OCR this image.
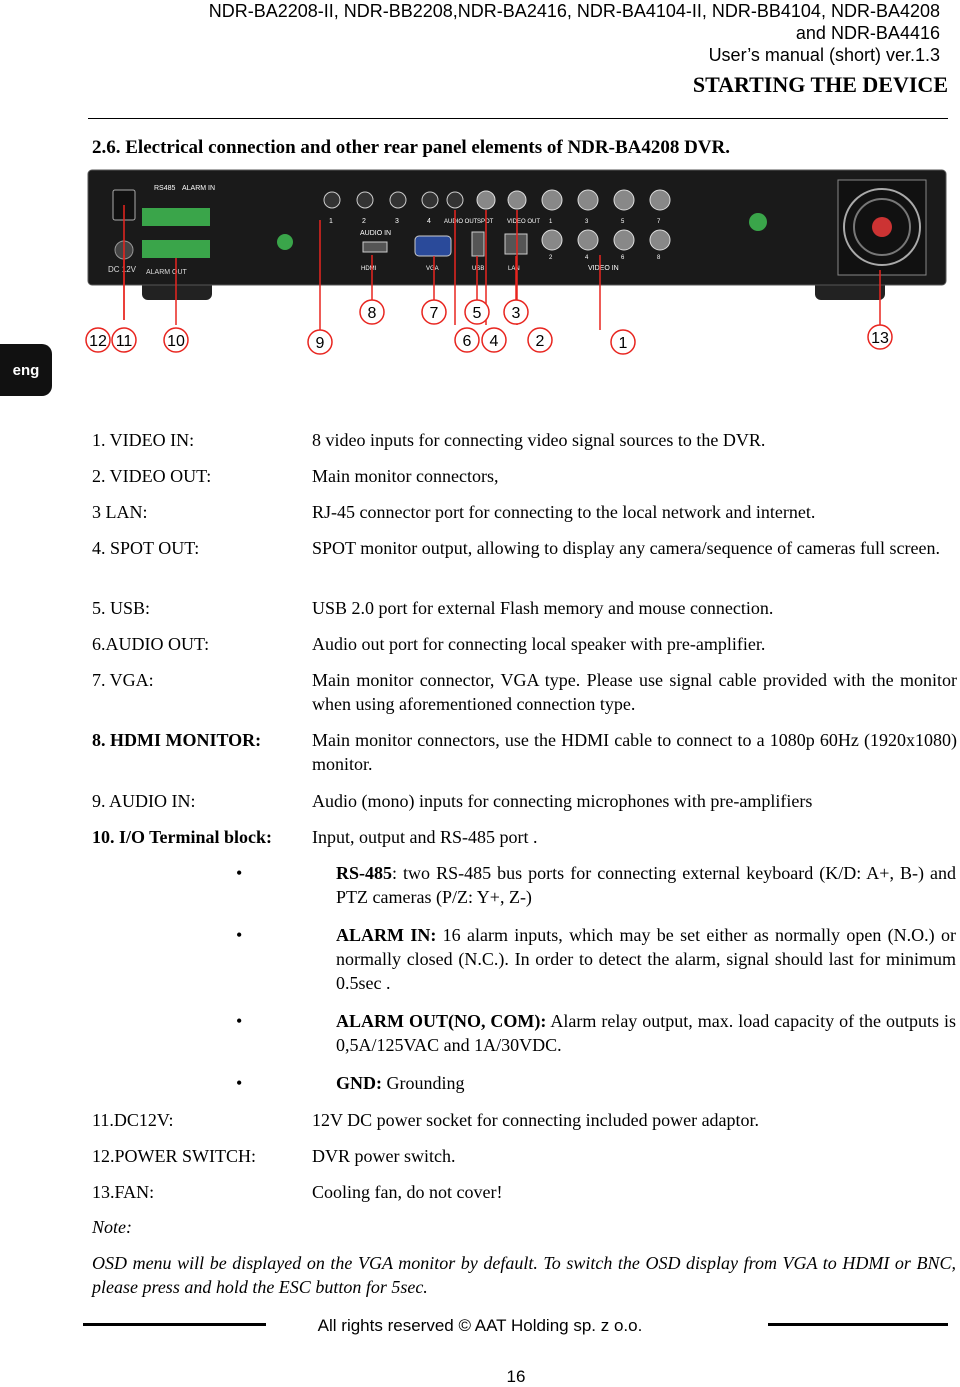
NDR-BA2208-II, NDR-BB2208,NDR-BA2416, NDR-BA4104-II, NDR-BB4104, NDR-BA4208
and NDR-BA4416
User’s manual (short) ver.1.3
STARTING THE DEVICE
2.6. Electrical connection and other rear panel elements of NDR-BA4208 DVR.
eng
DC 12V
RS485 ALARM IN
ALARM OUT
1	2	3	4
AUDIO IN
AUDIO OUT SPOT VIDEO OUT
HDMI	VGA	USB	LAN
1	3	5	7
2	4	6	8
VIDEO IN
8	7 5 3
12 11 10	9	6 4 2	1	13
1. VIDEO IN:	8 video inputs for connecting video signal sources to the DVR.
2. VIDEO OUT:	Main monitor connectors,
3 LAN:	RJ-45 connector port for connecting to the local network and internet.
4. SPOT OUT:	SPOT monitor output, allowing to display any camera/sequence of cameras full screen.
5. USB:	USB 2.0 port for external Flash memory and mouse connection.
6.AUDIO OUT:	Audio out port for connecting local speaker with pre-amplifier.
7. VGA:	Main monitor connector, VGA type. Please use signal cable provided with the monitor when using aforementioned connection type.
8. HDMI MONITOR:	Main monitor connectors, use the HDMI cable to connect to a 1080p 60Hz (1920x1080) monitor.
9. AUDIO IN:	Audio (mono) inputs for connecting microphones with pre-amplifiers
10. I/O Terminal block: Input, output and RS-485 port .
•	RS-485: two RS-485 bus ports for connecting external keyboard (K/D: A+, B-) and PTZ cameras (P/Z: Y+, Z-)
•	ALARM IN: 16 alarm inputs, which may be set either as normally open (N.O.) or normally closed (N.C.). In order to detect the alarm, signal should last for minimum 0.5sec .
•	ALARM OUT(NO, COM): Alarm relay output, max. load capacity of the outputs is 0,5A/125VAC and 1A/30VDC.
•	GND: Grounding
11.DC12V:	12V DC power socket for connecting included power adaptor.
12.POWER SWITCH:	DVR power switch.
13.FAN:	Cooling fan, do not cover!
Note:
OSD menu will be displayed on the VGA monitor by default. To switch the OSD display from VGA to HDMI or BNC, please press and hold the ESC button for 5sec.
All rights reserved © AAT Holding sp. z o.o.
16
